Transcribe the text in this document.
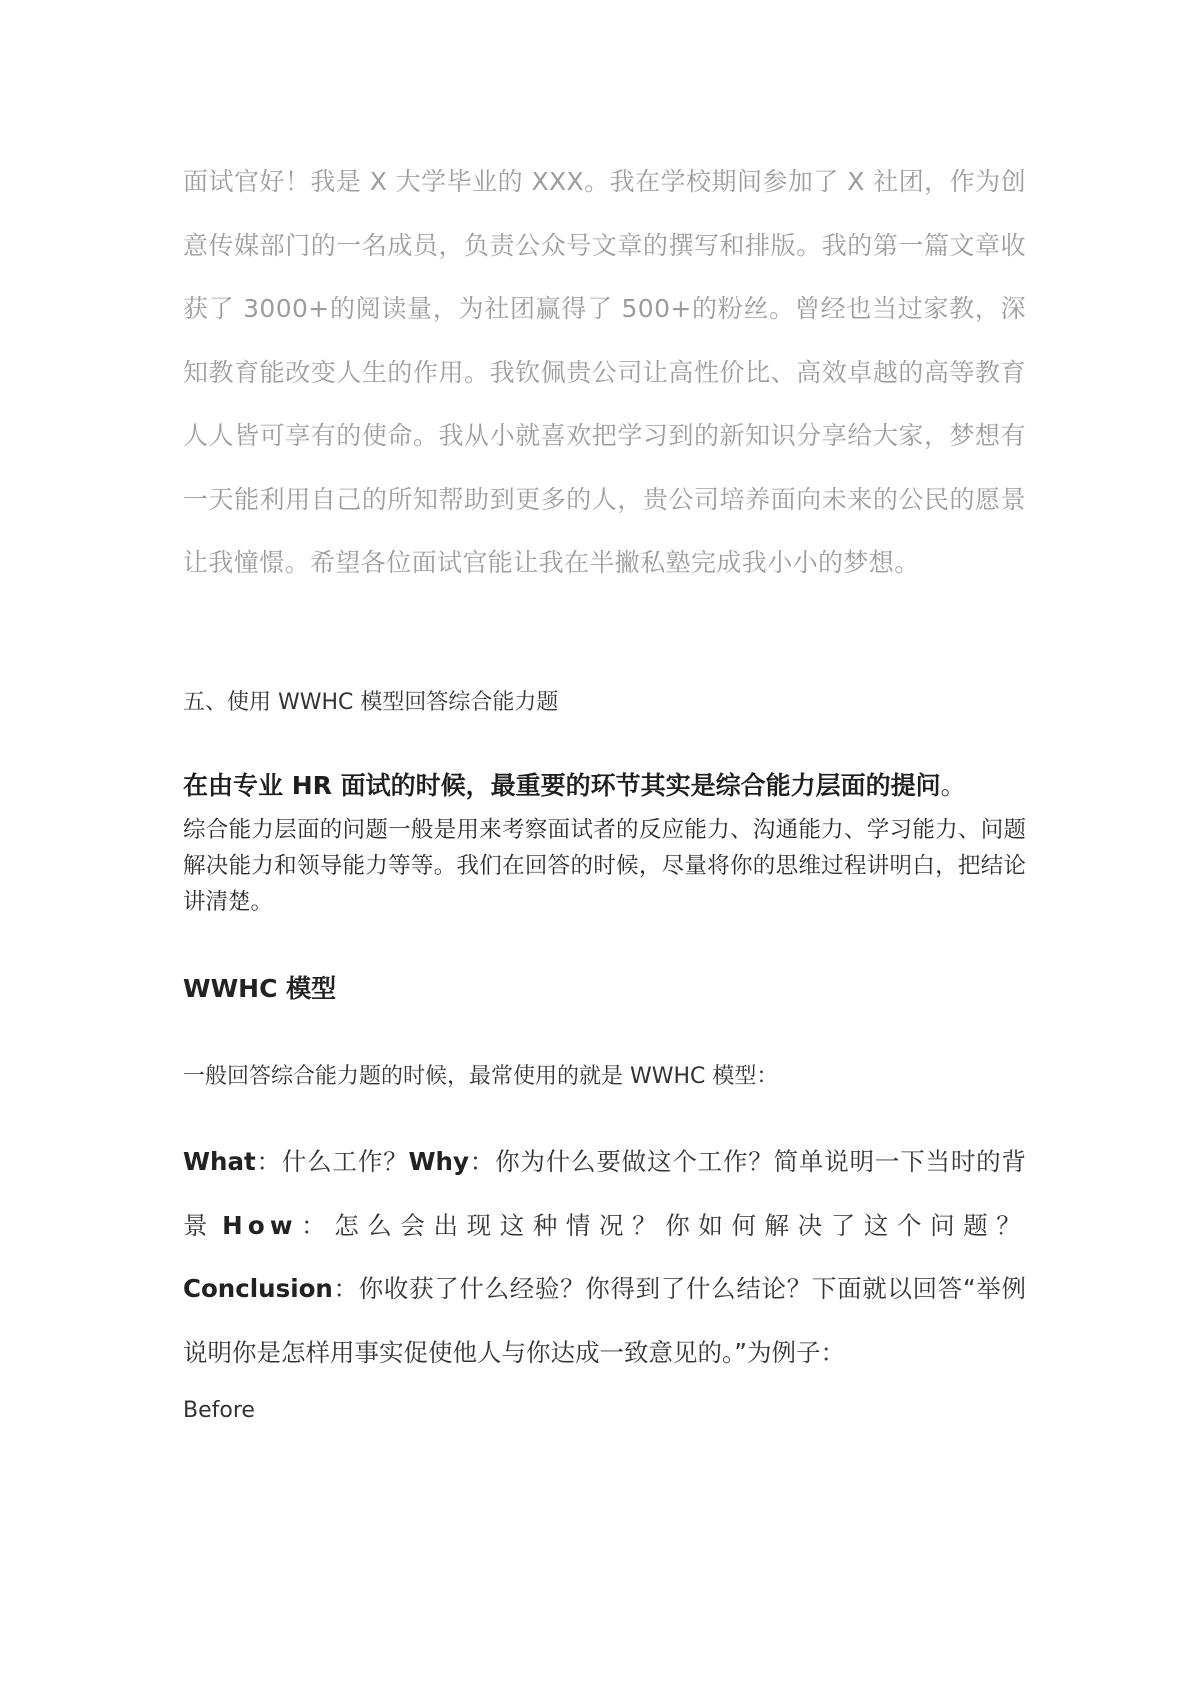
面试官好！我是 X 大学毕业的 XXX。我在学校期间参加了 X 社团，作为创意传媒部门的一名成员，负责公众号文章的撰写和排版。我的第一篇文章收获了 3000+的阅读量，为社团赢得了 500+的粉丝。曾经也当过家教，深知教育能改变人生的作用。我钦佩贵公司让高性价比、高效卓越的高等教育人人皆可享有的使命。我从小就喜欢把学习到的新知识分享给大家，梦想有一天能利用自己的所知帮助到更多的人，贵公司培养面向未来的公民的愿景让我憧憬。希望各位面试官能让我在半撇私塾完成我小小的梦想。

五、使用 WWHC 模型回答综合能力题

在由专业 HR 面试的时候，最重要的环节其实是综合能力层面的提问。

综合能力层面的问题一般是用来考察面试者的反应能力、沟通能力、学习能力、问题解决能力和领导能力等等。我们在回答的时候，尽量将你的思维过程讲明白，把结论讲清楚。

WWHC 模型

一般回答综合能力题的时候，最常使用的就是 WWHC 模型：

What：什么工作？Why：你为什么要做这个工作？简单说明一下当时的背景 How：怎么会出现这种情况？你如何解决了这个问题？Conclusion：你收获了什么经验？你得到了什么结论？下面就以回答“举例说明你是怎样用事实促使他人与你达成一致意见的。”为例子：

Before
